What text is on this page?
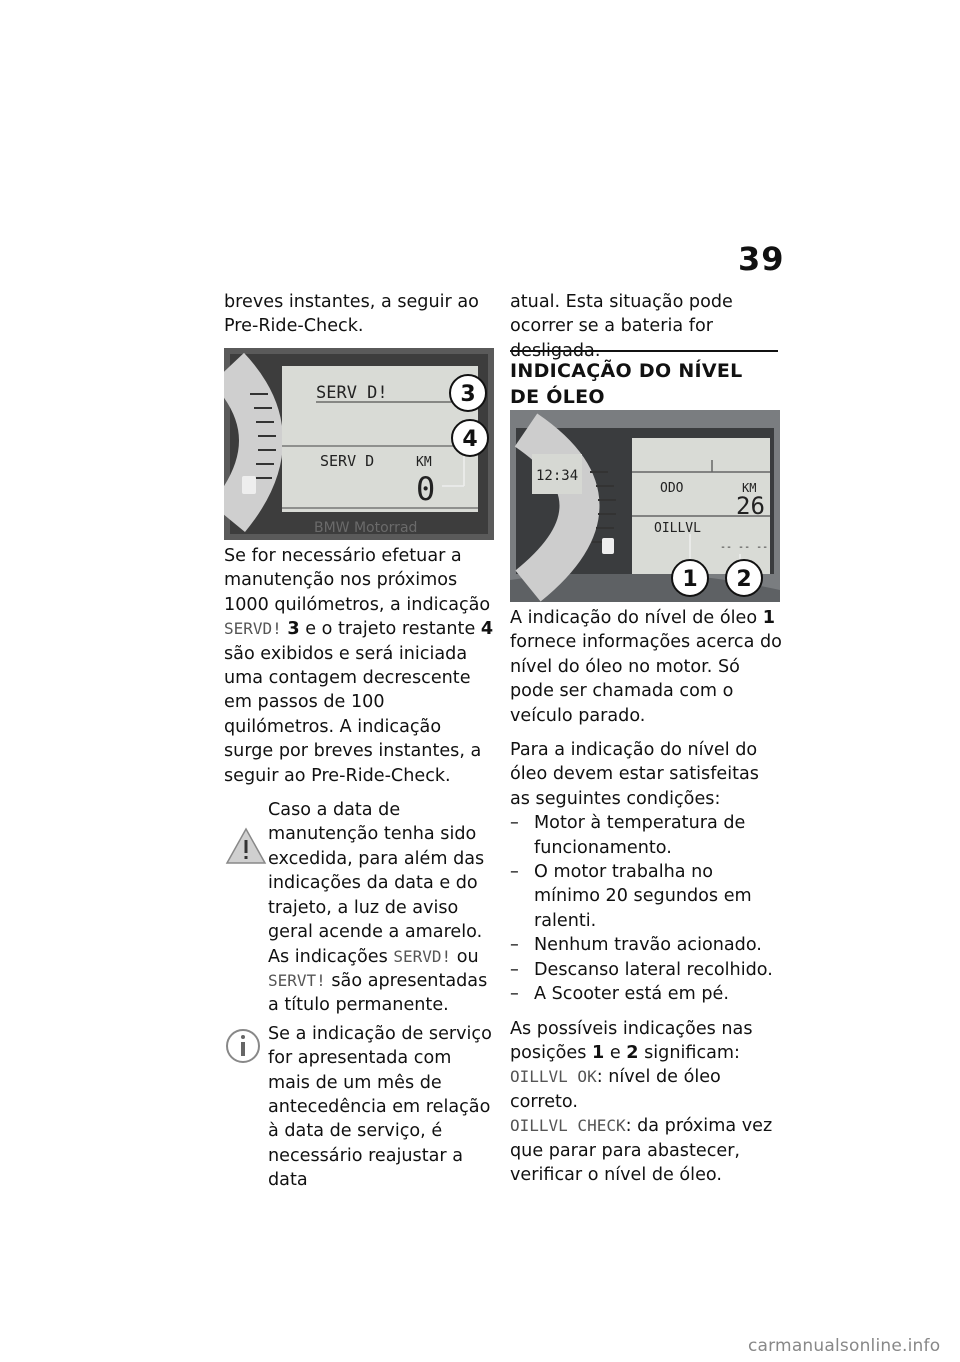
39

breves instantes, a seguir ao Pre-Ride-Check.

SERV D!
SERV D	KM
0
3
4
BMW Motorrad

Se for necessário efetuar a manutenção nos próximos 1000 quilómetros, a indicação SERVD! 3 e o trajeto restante 4 são exibidos e será iniciada uma contagem decrescente em passos de 100 quilómetros. A indicação surge por breves instantes, a seguir ao Pre-Ride-Check.

Caso a data de manutenção tenha sido excedida, para além das indicações da data e do trajeto, a luz de aviso geral acende a amarelo. As indicações SERVD! ou SERVT! são apresentadas a título permanente.

Se a indicação de serviço for apresentada com mais de um mês de antecedência em relação à data de serviço, é necessário reajustar a data

atual. Esta situação pode ocorrer se a bateria for desligada.

INDICAÇÃO DO NÍVEL DE ÓLEO
12:34
ODO	KM
26
OILLVL
-- -- --
1 2

A indicação do nível de óleo 1 fornece informações acerca do nível do óleo no motor. Só pode ser chamada com o veículo parado.

Para a indicação do nível do óleo devem estar satisfeitas as seguintes condições:

– Motor à temperatura de funcionamento.
– O motor trabalha no mínimo 20 segundos em ralenti.
– Nenhum travão acionado.
– Descanso lateral recolhido.
– A Scooter está em pé.

As possíveis indicações nas posições 1 e 2 significam:

OILLVL OK: nível de óleo correto.

OILLVL CHECK: da próxima vez que parar para abastecer, verificar o nível de óleo.

carmanualsonline.info
